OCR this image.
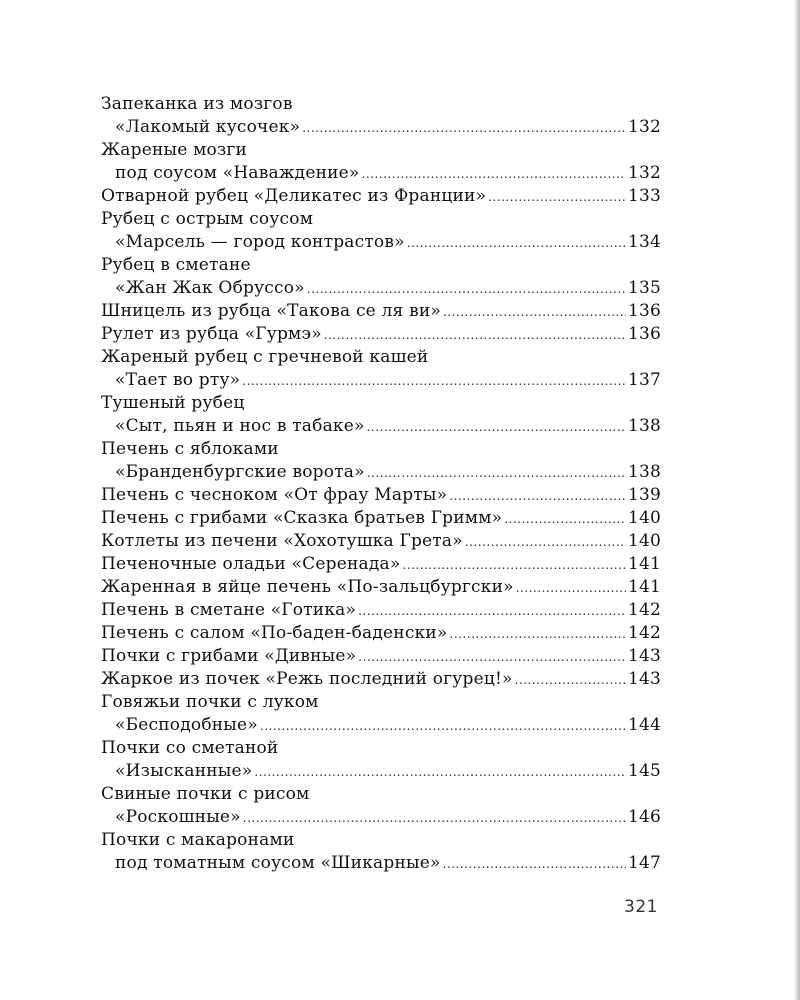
Запеканка из мозгов
«Лакомый кусочек» .....	132
Жареные мозги
под соусом «Наваждение» .....	132
Отварной рубец «Деликатес из Франции» .....	133
Рубец с острым соусом
«Марсель — город контрастов» .....	134
Рубец в сметане
«Жан Жак Обруссо» .....	135
Шницель из рубца «Такова се ля ви» .....	136
Рулет из рубца «Гурмэ» .....	136
Жареный рубец с гречневой кашей
«Тает во рту» .....	137
Тушеный рубец
«Сыт, пьян и нос в табаке» .....	138
Печень с яблоками
«Бранденбургские ворота» .....	138
Печень с чесноком «От фрау Марты» .....	139
Печень с грибами «Сказка братьев Гримм» .....	140
Котлеты из печени «Хохотушка Грета» .....	140
Печеночные оладьи «Серенада» .....	141
Жаренная в яйце печень «По-зальцбургски» .....	141
Печень в сметане «Готика» .....	142
Печень с салом «По-баден-баденски» .....	142
Почки с грибами «Дивные» .....	143
Жаркое из почек «Режь последний огурец!» .....	143
Говяжьи почки с луком
«Бесподобные» .....	144
Почки со сметаной
«Изысканные» .....	145
Свиные почки с рисом
«Роскошные» .....	146
Почки с макаронами
под томатным соусом «Шикарные» .....	147
321
